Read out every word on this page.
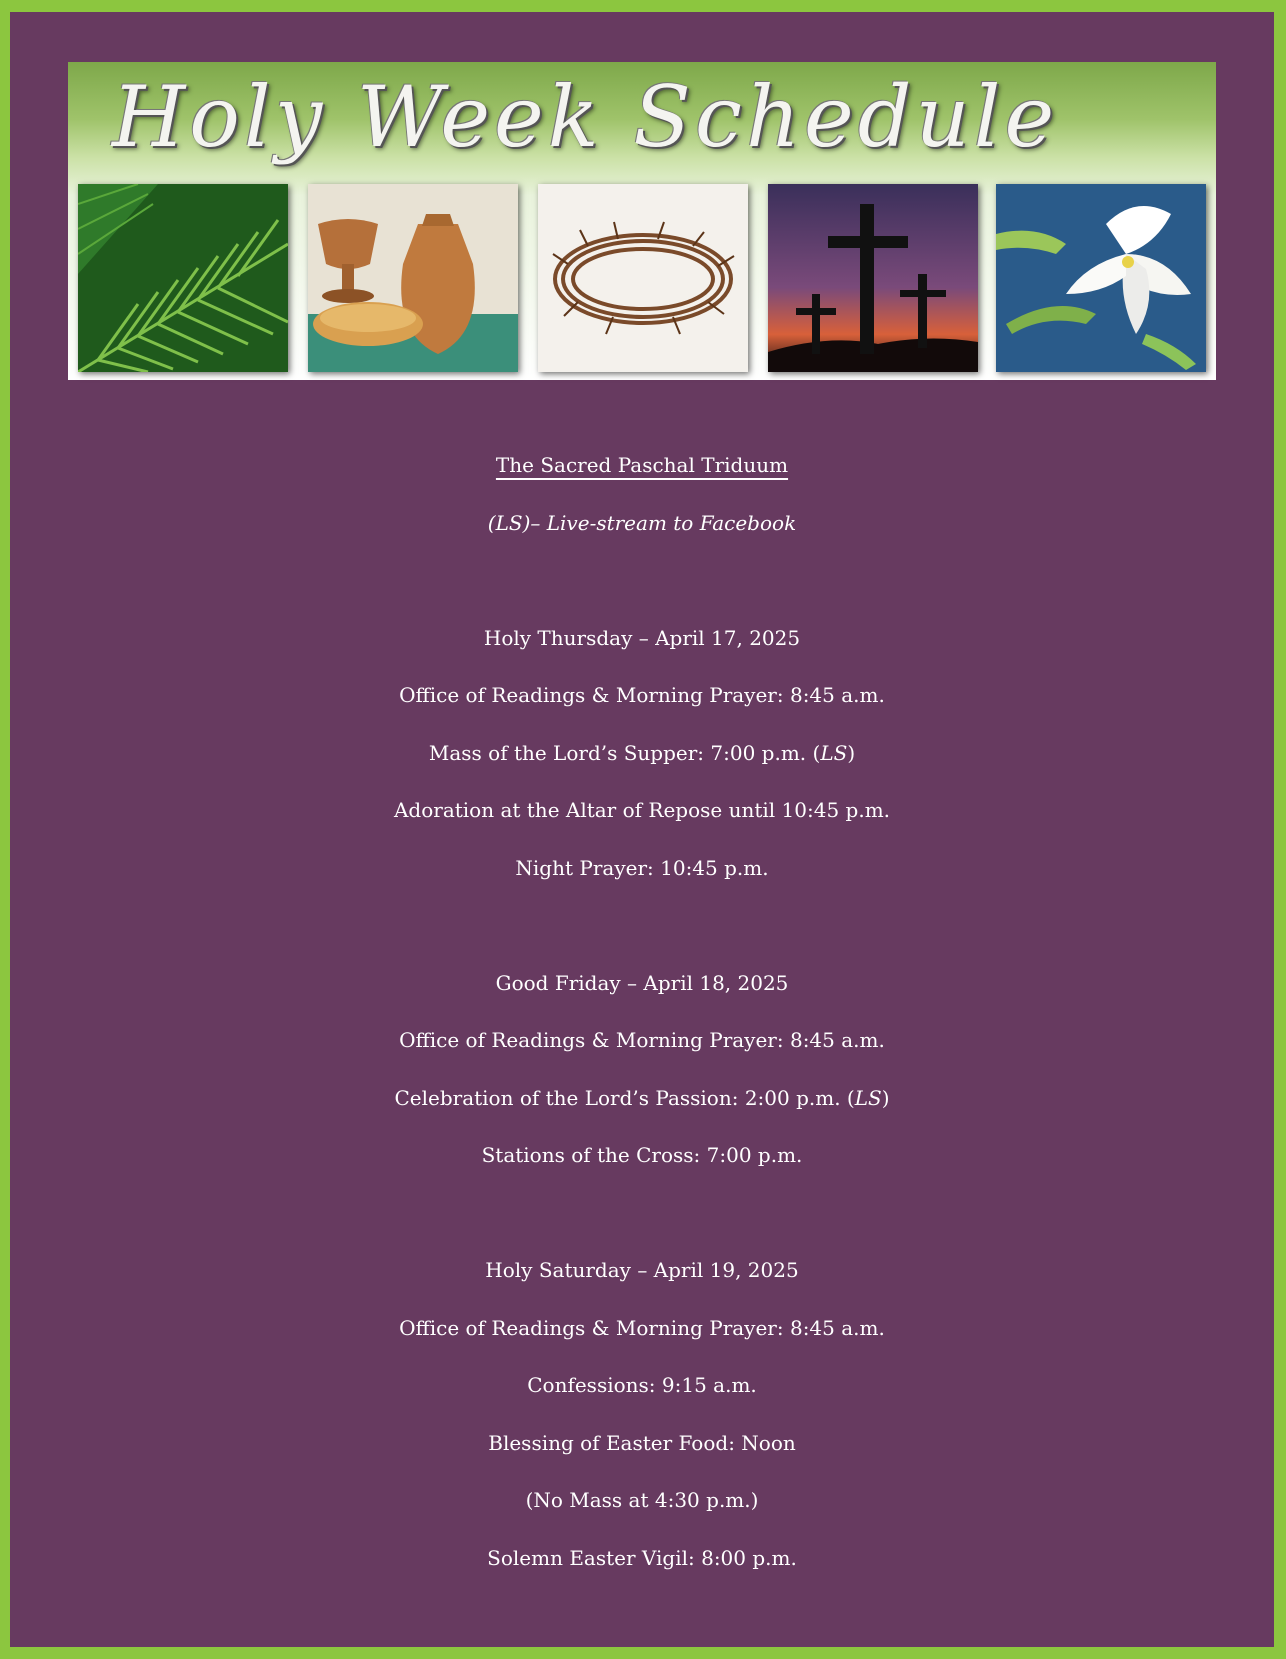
Holy Week Schedule
The Sacred Paschal Triduum
(LS)– Live-stream to Facebook
Holy Thursday – April 17, 2025
Office of Readings & Morning Prayer: 8:45 a.m.
Mass of the Lord’s Supper: 7:00 p.m. (LS)
Adoration at the Altar of Repose until 10:45 p.m.
Night Prayer: 10:45 p.m.
Good Friday – April 18, 2025
Office of Readings & Morning Prayer: 8:45 a.m.
Celebration of the Lord’s Passion: 2:00 p.m. (LS)
Stations of the Cross: 7:00 p.m.
Holy Saturday – April 19, 2025
Office of Readings & Morning Prayer: 8:45 a.m.
Confessions: 9:15 a.m.
Blessing of Easter Food: Noon
(No Mass at 4:30 p.m.)
Solemn Easter Vigil: 8:00 p.m.
